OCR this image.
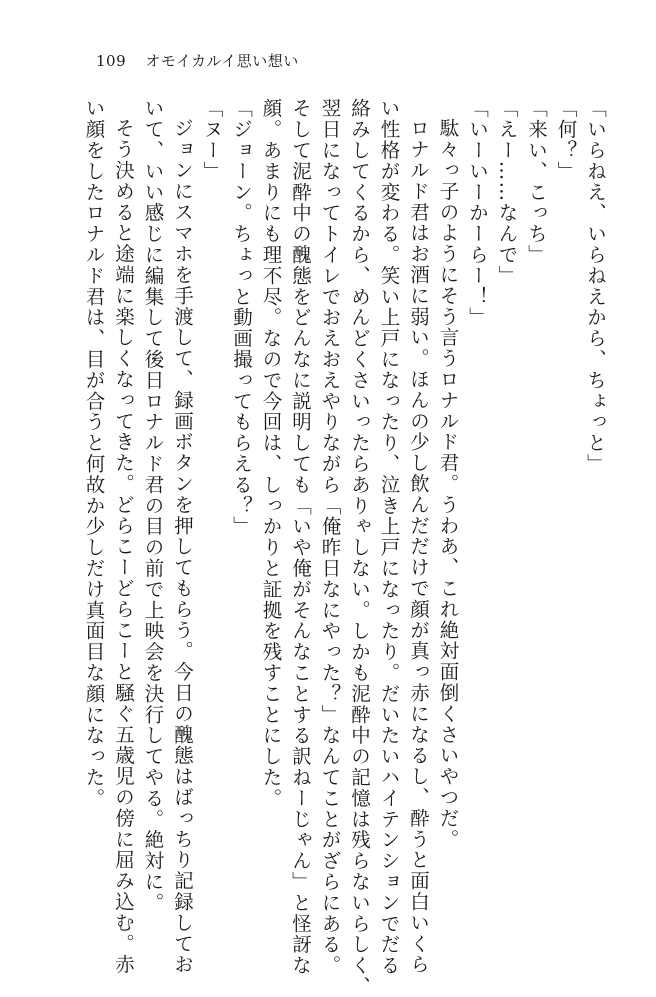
109 オモイカルイ思い想い
「いらねえ、いらねえから、ちょっと」
「何？」
「来い、こっち」
「えー……なんで」
「いーいーかーらー！」
駄々っ子のようにそう言うロナルド君。うわあ、これ絶対面倒くさいやつだ。
ロナルド君はお酒に弱い。ほんの少し飲んだだけで顔が真っ赤になるし、酔うと面白いくら
い性格が変わる。笑い上戸になったり、泣き上戸になったり。だいたいハイテンションでだる
絡みしてくるから、めんどくさいったらありゃしない。しかも泥酔中の記憶は残らないらしく、
翌日になってトイレでおえおえやりながら「俺昨日なにやった？」なんてことがざらにある。
そして泥酔中の醜態をどんなに説明しても「いや俺がそんなことする訳ねーじゃん」と怪訝な
顔。あまりにも理不尽。なので今回は、しっかりと証拠を残すことにした。
「ジョーン。ちょっと動画撮ってもらえる？」
「ヌー」
ジョンにスマホを手渡して、録画ボタンを押してもらう。今日の醜態はばっちり記録してお
いて、いい感じに編集して後日ロナルド君の目の前で上映会を決行してやる。絶対に。
そう決めると途端に楽しくなってきた。どらこーどらこーと騒ぐ五歳児の傍に屈み込む。赤
い顔をしたロナルド君は、目が合うと何故か少しだけ真面目な顔になった。
